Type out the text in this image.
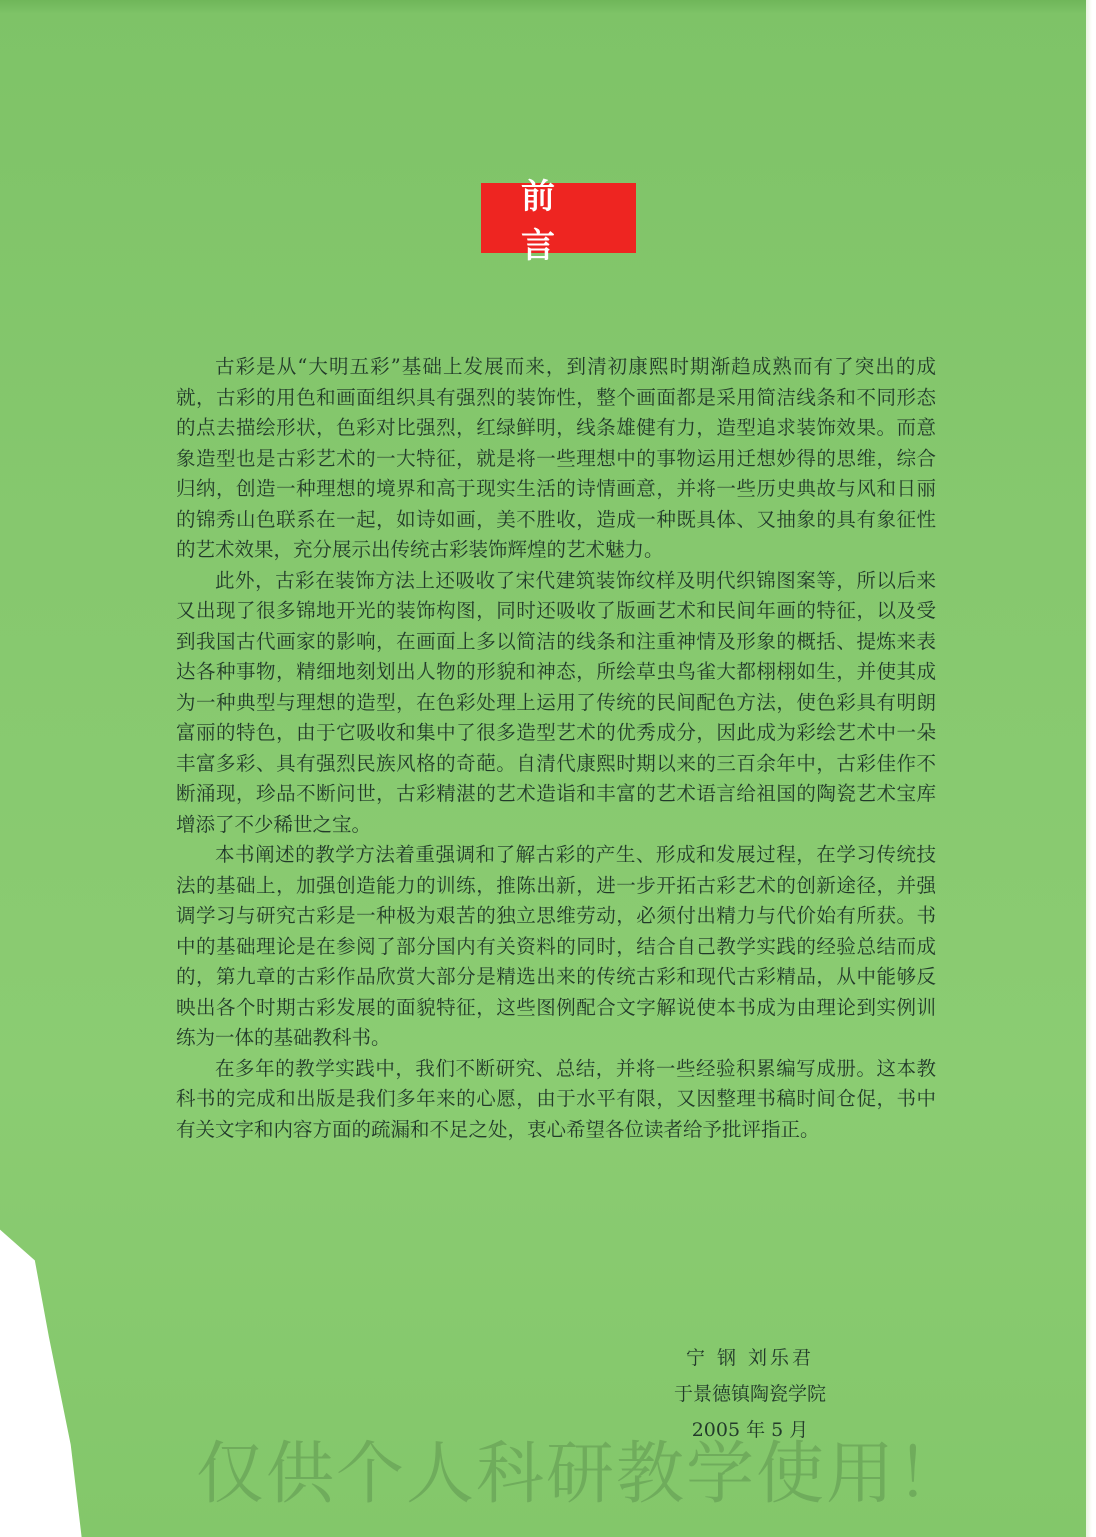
前 言

古彩是从“大明五彩”基础上发展而来，到清初康熙时期渐趋成熟而有了突出的成就，古彩的用色和画面组织具有强烈的装饰性，整个画面都是采用简洁线条和不同形态的点去描绘形状，色彩对比强烈，红绿鲜明，线条雄健有力，造型追求装饰效果。而意象造型也是古彩艺术的一大特征，就是将一些理想中的事物运用迁想妙得的思维，综合归纳，创造一种理想的境界和高于现实生活的诗情画意，并将一些历史典故与风和日丽的锦秀山色联系在一起，如诗如画，美不胜收，造成一种既具体、又抽象的具有象征性的艺术效果，充分展示出传统古彩装饰辉煌的艺术魅力。

此外，古彩在装饰方法上还吸收了宋代建筑装饰纹样及明代织锦图案等，所以后来又出现了很多锦地开光的装饰构图，同时还吸收了版画艺术和民间年画的特征，以及受到我国古代画家的影响，在画面上多以简洁的线条和注重神情及形象的概括、提炼来表达各种事物，精细地刻划出人物的形貌和神态，所绘草虫鸟雀大都栩栩如生，并使其成为一种典型与理想的造型，在色彩处理上运用了传统的民间配色方法，使色彩具有明朗富丽的特色，由于它吸收和集中了很多造型艺术的优秀成分，因此成为彩绘艺术中一朵丰富多彩、具有强烈民族风格的奇葩。自清代康熙时期以来的三百余年中，古彩佳作不断涌现，珍品不断问世，古彩精湛的艺术造诣和丰富的艺术语言给祖国的陶瓷艺术宝库增添了不少稀世之宝。

本书阐述的教学方法着重强调和了解古彩的产生、形成和发展过程，在学习传统技法的基础上，加强创造能力的训练，推陈出新，进一步开拓古彩艺术的创新途径，并强调学习与研究古彩是一种极为艰苦的独立思维劳动，必须付出精力与代价始有所获。书中的基础理论是在参阅了部分国内有关资料的同时，结合自己教学实践的经验总结而成的，第九章的古彩作品欣赏大部分是精选出来的传统古彩和现代古彩精品，从中能够反映出各个时期古彩发展的面貌特征，这些图例配合文字解说使本书成为由理论到实例训练为一体的基础教科书。

在多年的教学实践中，我们不断研究、总结，并将一些经验积累编写成册。这本教科书的完成和出版是我们多年来的心愿，由于水平有限，又因整理书稿时间仓促，书中有关文字和内容方面的疏漏和不足之处，衷心希望各位读者给予批评指正。

宁 钢 刘乐君
于景德镇陶瓷学院
2005 年 5 月
仅供个人科研教学使用！
